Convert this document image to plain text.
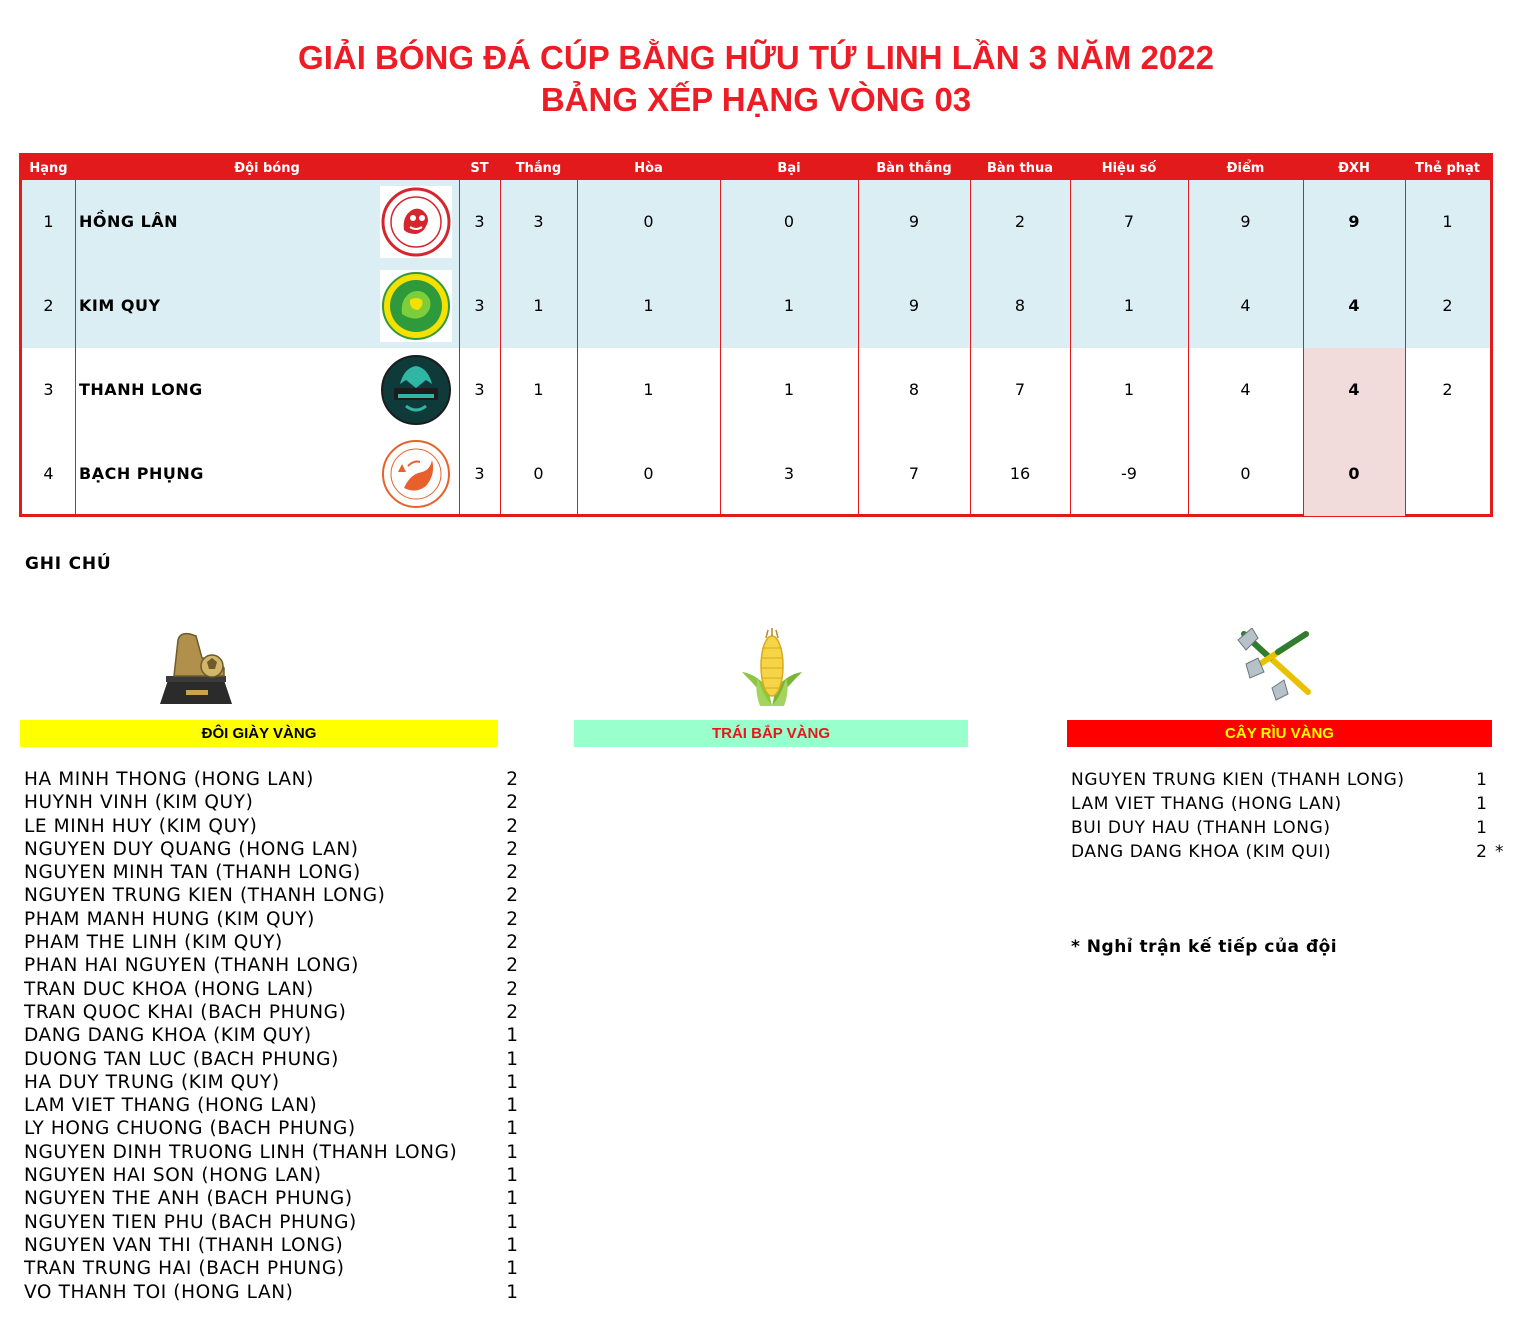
GIẢI BÓNG ĐÁ CÚP BẰNG HỮU TỨ LINH LẦN 3 NĂM 2022
BẢNG XẾP HẠNG VÒNG 03
Hạng	Đội bóng	ST	Thắng	Hòa	Bại	Bàn thắng	Bàn thua	Hiệu số	Điểm	ĐXH	Thẻ phạt
1	HỒNG LÂN	3	3	0	0	9	2	7	9	9	1
2	KIM QUY	3	1	1	1	9	8	1	4	4	2
3	THANH LONG	3	1	1	1	8	7	1	4	4	2
4	BẠCH PHỤNG	3	0	0	3	7	16	-9	0	0
GHI CHÚ
ĐÔI GIÀY VÀNG	TRÁI BẮP VÀNG	CÂY RÌU VÀNG
HA MINH THONG (HONG LAN)	2
HUYNH VINH (KIM QUY)	2
LE MINH HUY (KIM QUY)	2
NGUYEN DUY QUANG (HONG LAN)	2
NGUYEN MINH TAN (THANH LONG)	2
NGUYEN TRUNG KIEN (THANH LONG)	2
PHAM MANH HUNG (KIM QUY)	2
PHAM THE LINH (KIM QUY)	2
PHAN HAI NGUYEN (THANH LONG)	2
TRAN DUC KHOA (HONG LAN)	2
TRAN QUOC KHAI (BACH PHUNG)	2
DANG DANG KHOA (KIM QUY)	1
DUONG TAN LUC (BACH PHUNG)	1
HA DUY TRUNG (KIM QUY)	1
LAM VIET THANG (HONG LAN)	1
LY HONG CHUONG (BACH PHUNG)	1
NGUYEN DINH TRUONG LINH (THANH LONG)	1
NGUYEN HAI SON (HONG LAN)	1
NGUYEN THE ANH (BACH PHUNG)	1
NGUYEN TIEN PHU (BACH PHUNG)	1
NGUYEN VAN THI (THANH LONG)	1
TRAN TRUNG HAI (BACH PHUNG)	1
VO THANH TOI (HONG LAN)	1
NGUYEN TRUNG KIEN (THANH LONG)	1
LAM VIET THANG (HONG LAN)	1
BUI DUY HAU (THANH LONG)	1
DANG DANG KHOA (KIM QUI)	2 *
* Nghỉ trận kế tiếp của đội
